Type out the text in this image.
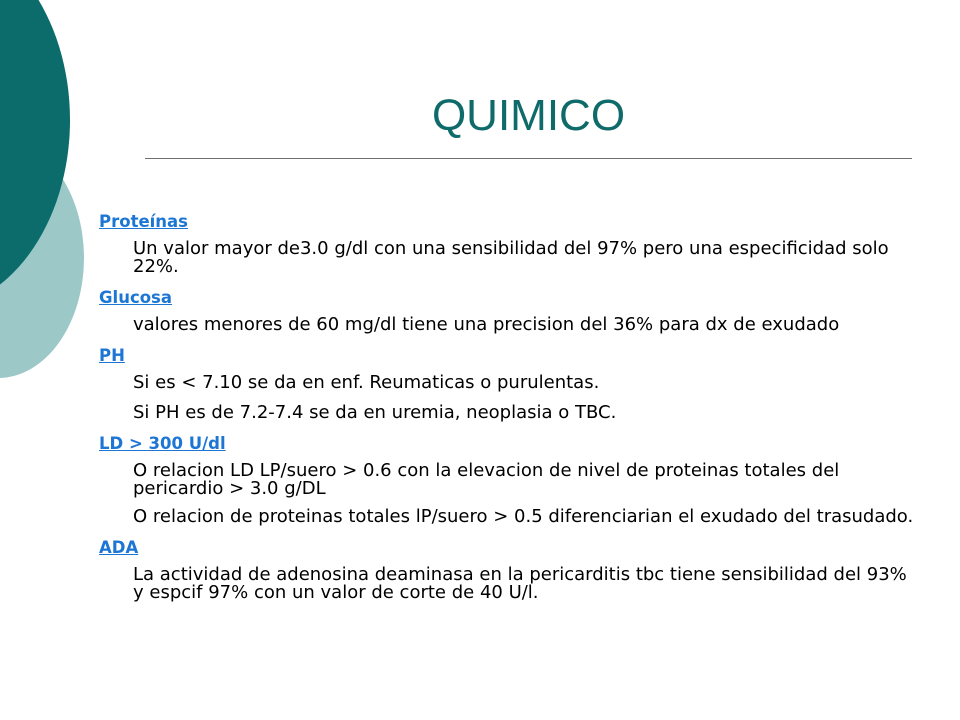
QUIMICO
Proteínas

Un valor mayor de3.0 g/dl con una sensibilidad del 97% pero una especificidad solo 22%.

Glucosa

valores menores de 60 mg/dl tiene una precision del 36% para dx de exudado

PH

Si es < 7.10 se da en enf. Reumaticas o purulentas.

Si PH es de 7.2-7.4 se da en uremia, neoplasia o TBC.

LD > 300 U/dl

O relacion LD LP/suero > 0.6 con la elevacion de nivel de proteinas totales del pericardio > 3.0 g/DL

O relacion de proteinas totales lP/suero > 0.5 diferenciarian el exudado del trasudado.

ADA

La actividad de adenosina deaminasa en la pericarditis tbc tiene sensibilidad del 93% y espcif 97% con un valor de corte de 40 U/l.
